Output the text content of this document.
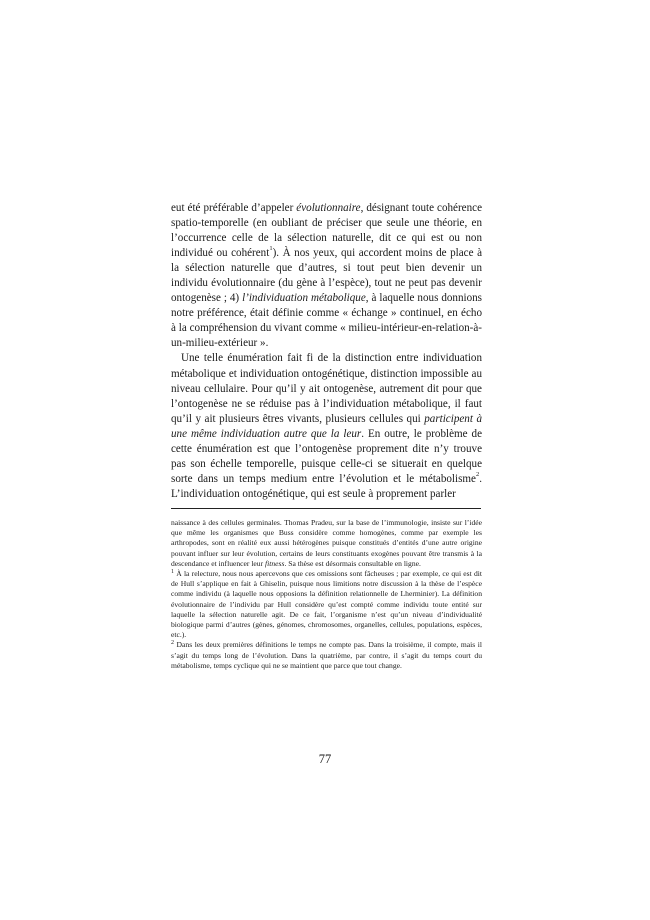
eut été préférable d’appeler évolutionnaire, désignant toute cohérence spatio-temporelle (en oubliant de préciser que seule une théorie, en l’occurrence celle de la sélection naturelle, dit ce qui est ou non individué ou cohérent$^1$). À nos yeux, qui accordent moins de place à la sélection naturelle que d’autres, si tout peut bien devenir un individu évolutionnaire (du gène à l’espèce), tout ne peut pas devenir ontogenèse ; 4) l’individuation métabolique, à laquelle nous donnions notre préférence, était définie comme « échange » continuel, en écho à la compréhension du vivant comme « milieu-intérieur-en-relation-à-un-milieu-extérieur ».

Une telle énumération fait fi de la distinction entre individuation métabolique et individuation ontogénétique, distinction impossible au niveau cellulaire. Pour qu’il y ait ontogenèse, autrement dit pour que l’ontogenèse ne se réduise pas à l’individuation métabolique, il faut qu’il y ait plusieurs êtres vivants, plusieurs cellules qui participent à une même individuation autre que la leur. En outre, le problème de cette énumération est que l’ontogenèse proprement dite n’y trouve pas son échelle temporelle, puisque celle-ci se situerait en quelque sorte dans un temps medium entre l’évolution et le métabolisme$^2$. L’individuation ontogénétique, qui est seule à proprement parler

naissance à des cellules germinales. Thomas Pradeu, sur la base de l’immunologie, insiste sur l’idée que même les organismes que Buss considère comme homogènes, comme par exemple les arthropodes, sont en réalité eux aussi hétérogènes puisque constitués d’entités d’une autre origine pouvant influer sur leur évolution, certains de leurs constituants exogènes pouvant être transmis à la descendance et influencer leur fitness. Sa thèse est désormais consultable en ligne.

$^1$ À la relecture, nous nous apercevons que ces omissions sont fâcheuses ; par exemple, ce qui est dit de Hull s’applique en fait à Ghiselin, puisque nous limitions notre discussion à la thèse de l’espèce comme individu (à laquelle nous opposions la définition relationnelle de Lherminier). La définition évolutionnaire de l’individu par Hull considère qu’est compté comme individu toute entité sur laquelle la sélection naturelle agit. De ce fait, l’organisme n’est qu’un niveau d’individualité biologique parmi d’autres (gènes, génomes, chromosomes, organelles, cellules, populations, espèces, etc.).

$^2$ Dans les deux premières définitions le temps ne compte pas. Dans la troisième, il compte, mais il s’agit du temps long de l’évolution. Dans la quatrième, par contre, il s’agit du temps court du métabolisme, temps cyclique qui ne se maintient que parce que tout change.

77
